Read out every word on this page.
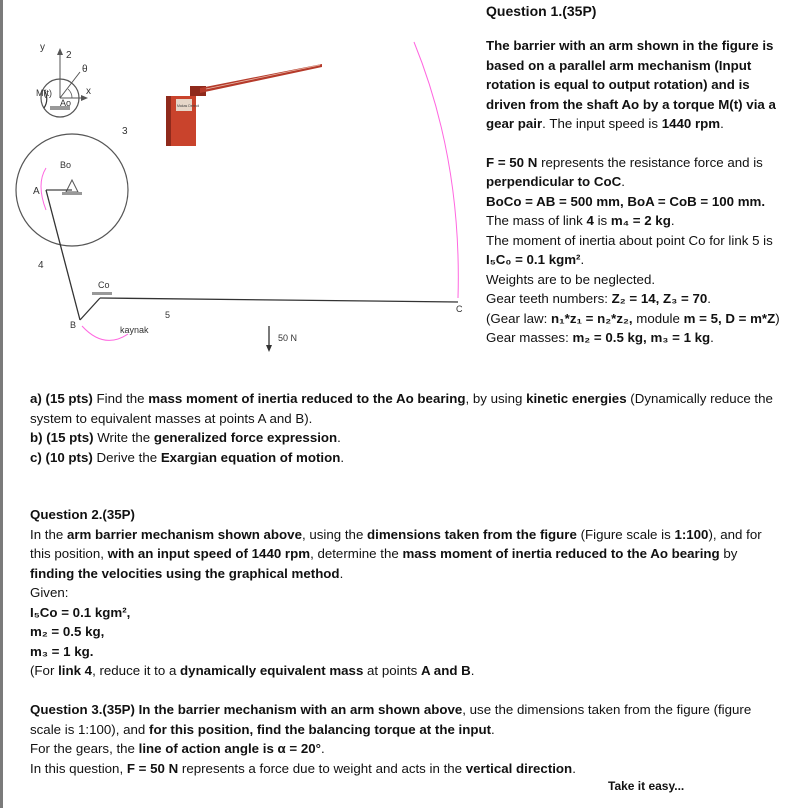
y
2
θ
M(t)	x
Ao
3
Bo
A
4
Co
B	kaynak
5
C
50 N
Makas Derecii
Question 1.(35P)

The barrier with an arm shown in the figure is based on a parallel arm mechanism (Input rotation is equal to output rotation) and is driven from the shaft Ao by a torque M(t) via a gear pair. The input speed is 1440 rpm.

F = 50 N represents the resistance force and is perpendicular to CoC.

BoCo = AB = 500 mm, BoA = CoB = 100 mm.

The mass of link 4 is m₄ = 2 kg.

The moment of inertia about point Co for link 5 is I₅C₀ = 0.1 kgm².

Weights are to be neglected.

Gear teeth numbers: Z₂ = 14, Z₃ = 70.

(Gear law: n₁*z₁ = n₂*z₂, module m = 5, D = m*Z)

Gear masses: m₂ = 0.5 kg, m₃ = 1 kg.

a) (15 pts) Find the mass moment of inertia reduced to the Ao bearing, by using kinetic energies (Dynamically reduce the system to equivalent masses at points A and B).

b) (15 pts) Write the generalized force expression.

c) (10 pts) Derive the Exargian equation of motion.

Question 2.(35P)

In the arm barrier mechanism shown above, using the dimensions taken from the figure (Figure scale is 1:100), and for this position, with an input speed of 1440 rpm, determine the mass moment of inertia reduced to the Ao bearing by finding the velocities using the graphical method.

Given:

I₅Co = 0.1 kgm²,

m₂ = 0.5 kg,

m₃ = 1 kg.

(For link 4, reduce it to a dynamically equivalent mass at points A and B.

Question 3.(35P) In the barrier mechanism with an arm shown above, use the dimensions taken from the figure (figure scale is 1:100), and for this position, find the balancing torque at the input.

For the gears, the line of action angle is α = 20°.

In this question, F = 50 N represents a force due to weight and acts in the vertical direction.

Take it easy...
